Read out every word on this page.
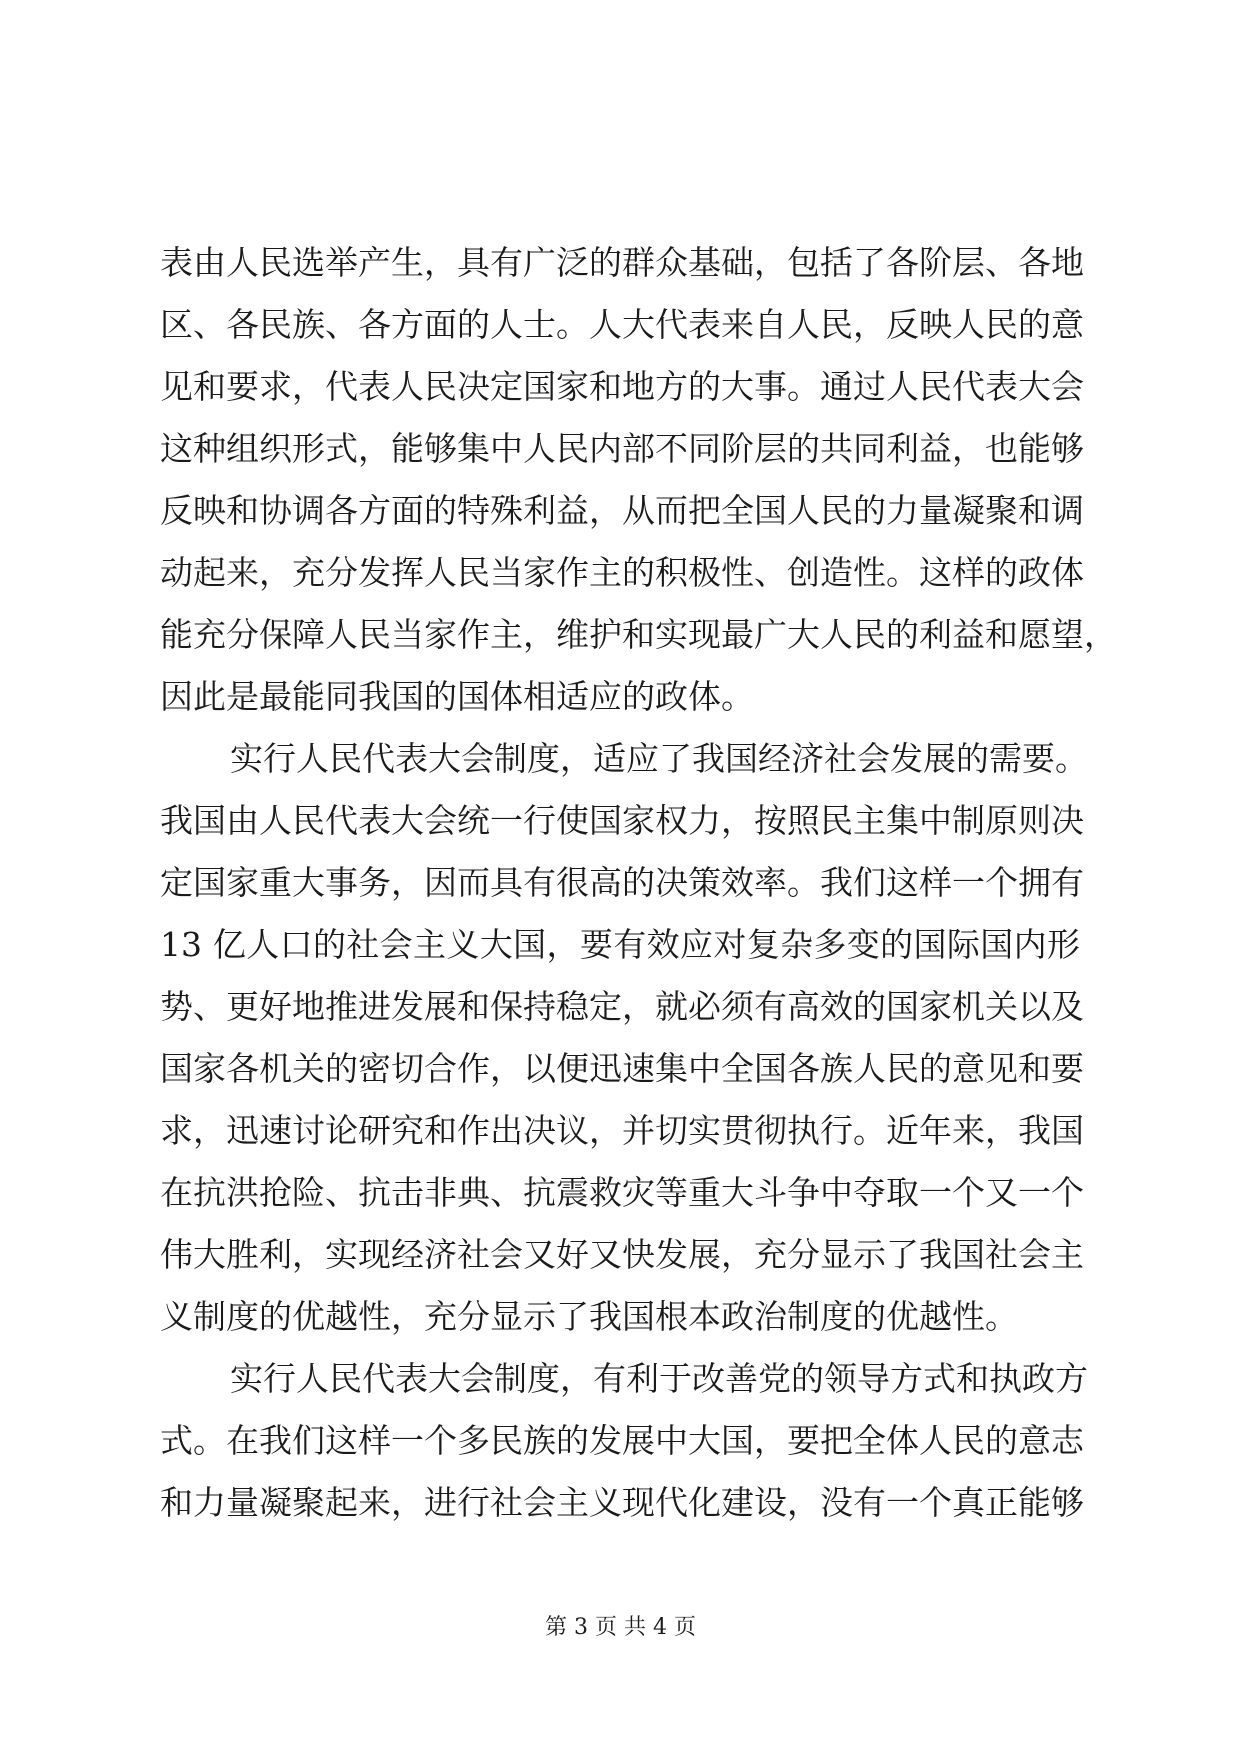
表由人民选举产生，具有广泛的群众基础，包括了各阶层、各地
区、各民族、各方面的人士。人大代表来自人民，反映人民的意
见和要求，代表人民决定国家和地方的大事。通过人民代表大会
这种组织形式，能够集中人民内部不同阶层的共同利益，也能够
反映和协调各方面的特殊利益，从而把全国人民的力量凝聚和调
动起来，充分发挥人民当家作主的积极性、创造性。这样的政体
能充分保障人民当家作主，维护和实现最广大人民的利益和愿望，
因此是最能同我国的国体相适应的政体。
实行人民代表大会制度，适应了我国经济社会发展的需要。
我国由人民代表大会统一行使国家权力，按照民主集中制原则决
定国家重大事务，因而具有很高的决策效率。我们这样一个拥有
13 亿人口的社会主义大国，要有效应对复杂多变的国际国内形
势、更好地推进发展和保持稳定，就必须有高效的国家机关以及
国家各机关的密切合作，以便迅速集中全国各族人民的意见和要
求，迅速讨论研究和作出决议，并切实贯彻执行。近年来，我国
在抗洪抢险、抗击非典、抗震救灾等重大斗争中夺取一个又一个
伟大胜利，实现经济社会又好又快发展，充分显示了我国社会主
义制度的优越性，充分显示了我国根本政治制度的优越性。
实行人民代表大会制度，有利于改善党的领导方式和执政方
式。在我们这样一个多民族的发展中大国，要把全体人民的意志
和力量凝聚起来，进行社会主义现代化建设，没有一个真正能够
第 3 页 共 4 页
